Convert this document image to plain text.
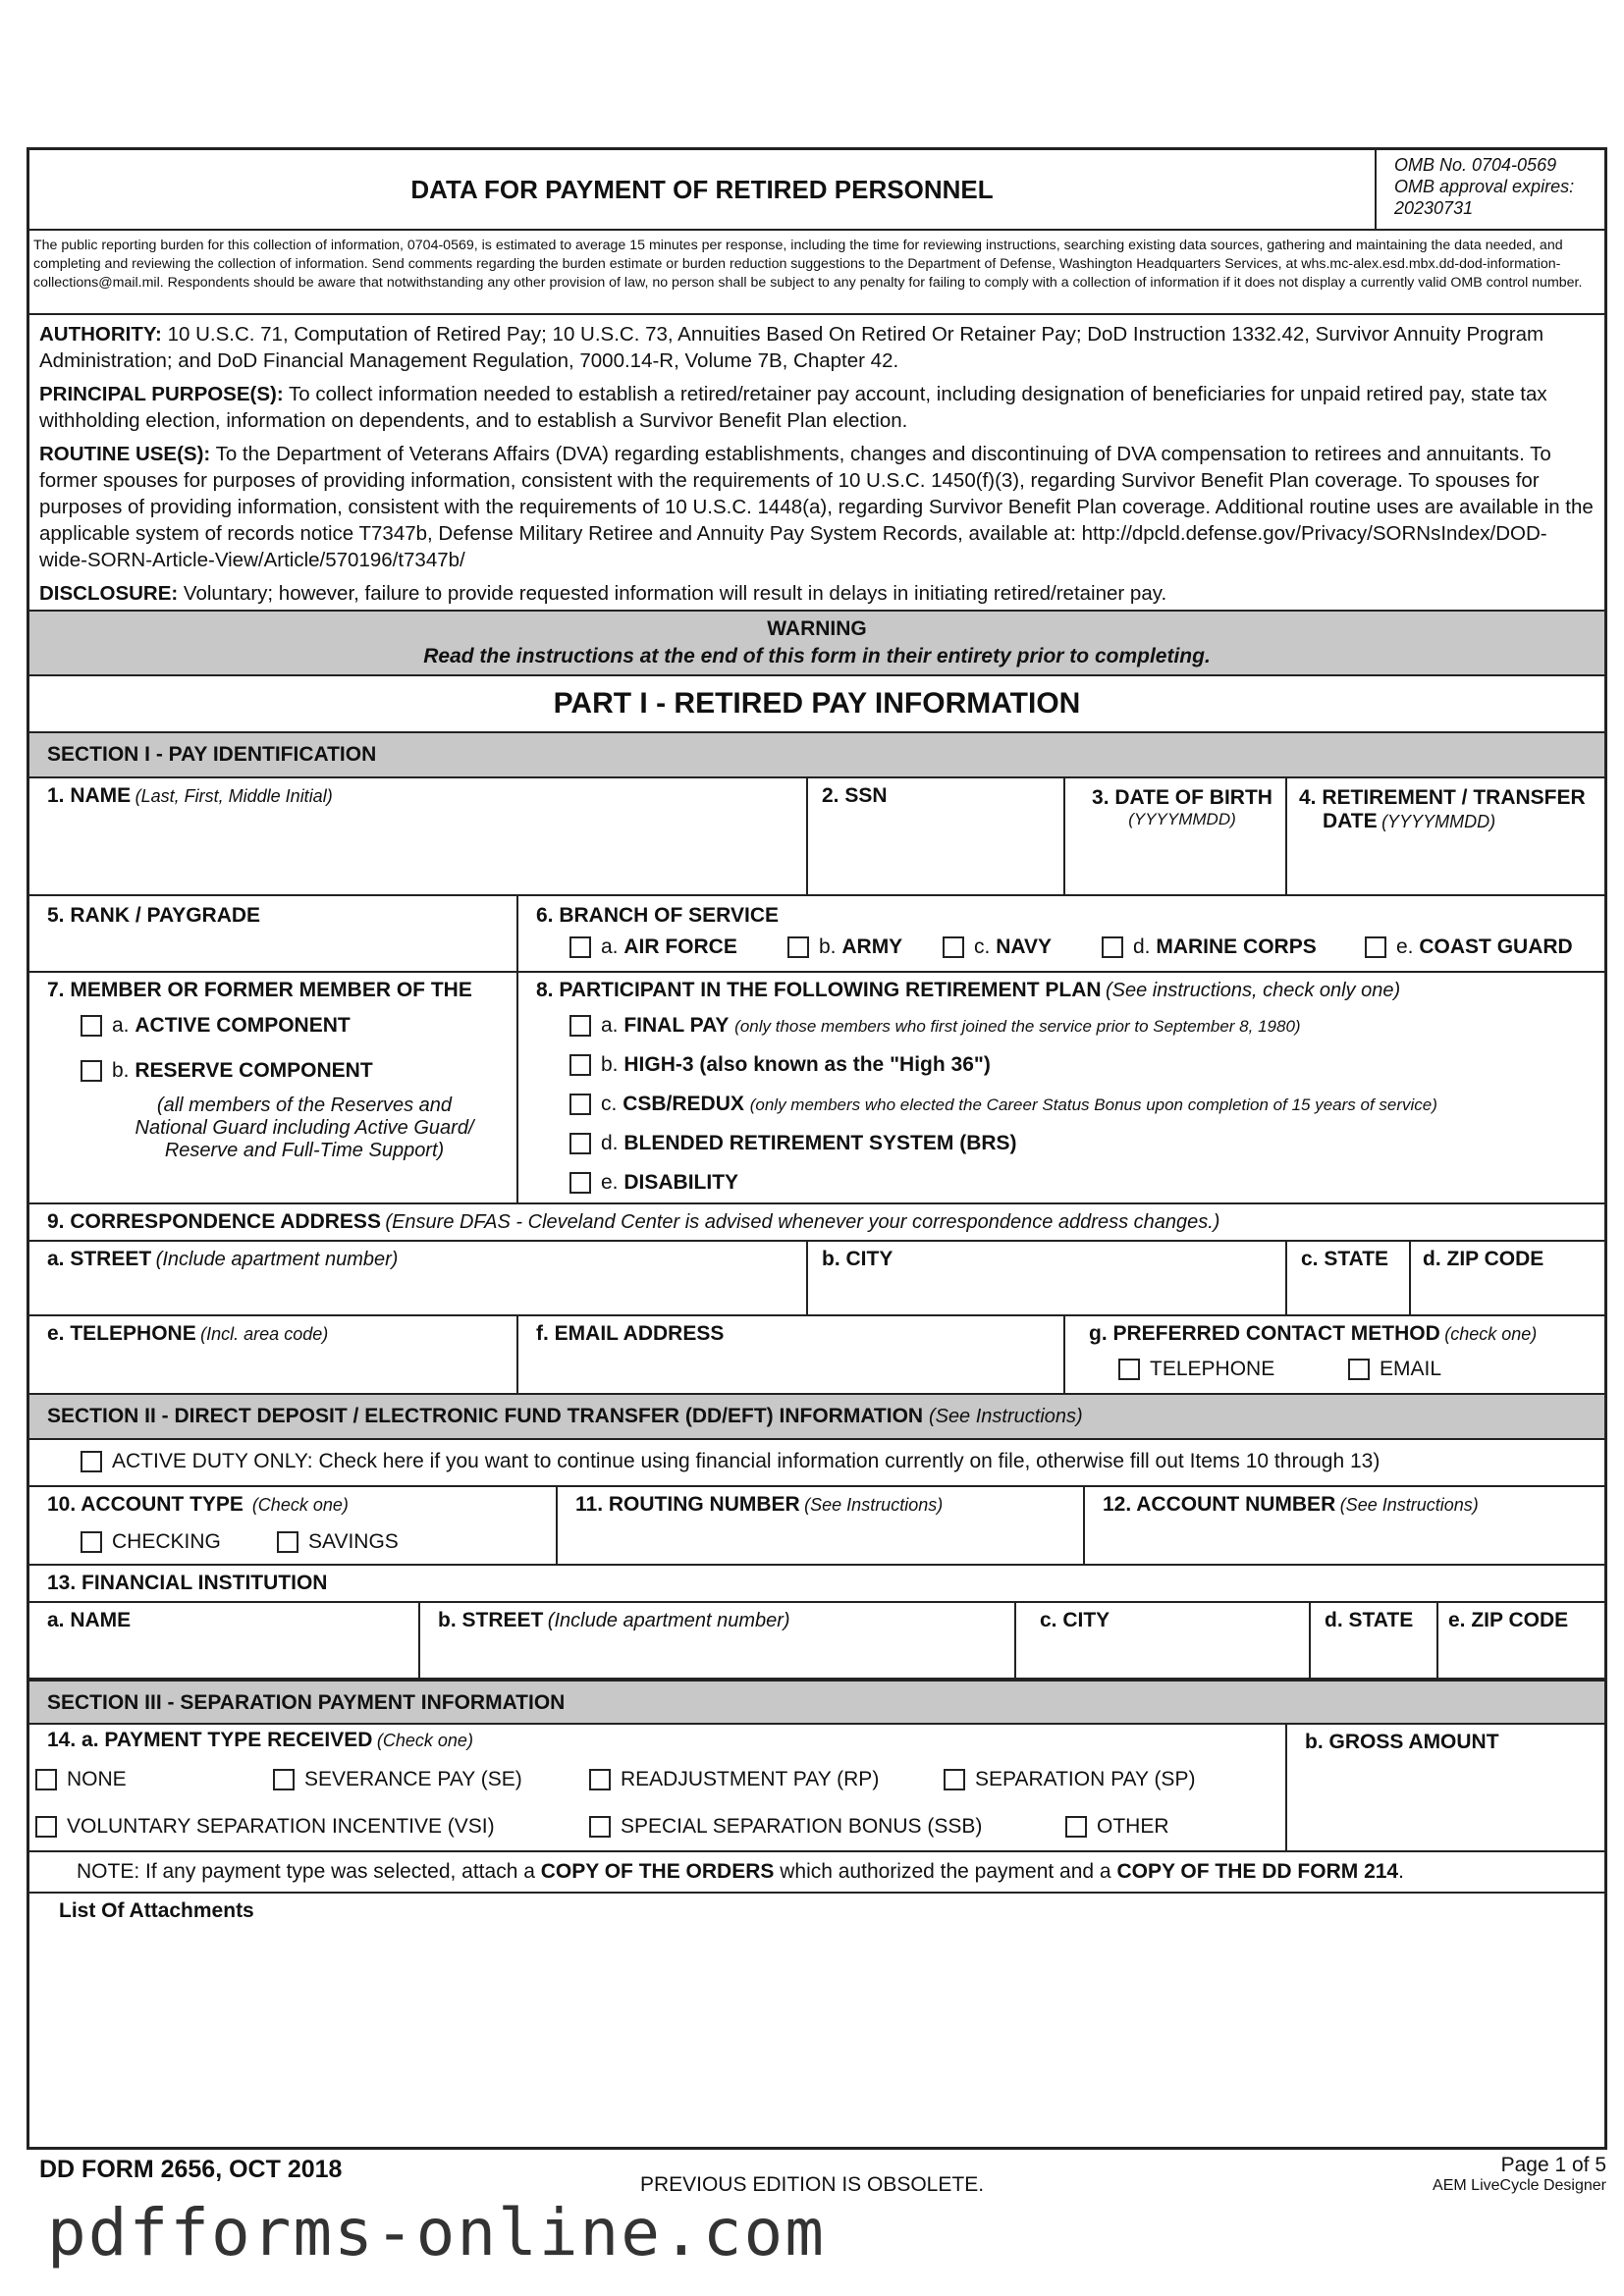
DATA FOR PAYMENT OF RETIRED PERSONNEL
OMB No. 0704-0569
OMB approval expires:
20230731
The public reporting burden for this collection of information, 0704-0569, is estimated to average 15 minutes per response, including the time for reviewing instructions, searching existing data sources, gathering and maintaining the data needed, and completing and reviewing the collection of information. Send comments regarding the burden estimate or burden reduction suggestions to the Department of Defense, Washington Headquarters Services, at whs.mc-alex.esd.mbx.dd-dod-information-collections@mail.mil. Respondents should be aware that notwithstanding any other provision of law, no person shall be subject to any penalty for failing to comply with a collection of information if it does not display a currently valid OMB control number.

AUTHORITY: 10 U.S.C. 71, Computation of Retired Pay; 10 U.S.C. 73, Annuities Based On Retired Or Retainer Pay; DoD Instruction 1332.42, Survivor Annuity Program Administration; and DoD Financial Management Regulation, 7000.14-R, Volume 7B, Chapter 42.

PRINCIPAL PURPOSE(S): To collect information needed to establish a retired/retainer pay account, including designation of beneficiaries for unpaid retired pay, state tax withholding election, information on dependents, and to establish a Survivor Benefit Plan election.

ROUTINE USE(S): To the Department of Veterans Affairs (DVA) regarding establishments, changes and discontinuing of DVA compensation to retirees and annuitants. To former spouses for purposes of providing information, consistent with the requirements of 10 U.S.C. 1450(f)(3), regarding Survivor Benefit Plan coverage. To spouses for purposes of providing information, consistent with the requirements of 10 U.S.C. 1448(a), regarding Survivor Benefit Plan coverage. Additional routine uses are available in the applicable system of records notice T7347b, Defense Military Retiree and Annuity Pay System Records, available at: http://dpcld.defense.gov/Privacy/SORNsIndex/DOD-wide-SORN-Article-View/Article/570196/t7347b/

DISCLOSURE: Voluntary; however, failure to provide requested information will result in delays in initiating retired/retainer pay.

WARNING
Read the instructions at the end of this form in their entirety prior to completing.
PART I - RETIRED PAY INFORMATION
SECTION I - PAY IDENTIFICATION
1. NAME (Last, First, Middle Initial)	2. SSN	3. DATE OF BIRTH
(YYYYMMDD)
4. RETIREMENT / TRANSFER
DATE (YYYYMMDD)
5. RANK / PAYGRADE	6. BRANCH OF SERVICE
a. AIR FORCE	b. ARMY	c. NAVY	d. MARINE CORPS	e. COAST GUARD
7. MEMBER OR FORMER MEMBER OF THE
a. ACTIVE COMPONENT
b. RESERVE COMPONENT
(all members of the Reserves and
National Guard including Active Guard/
Reserve and Full-Time Support)
8. PARTICIPANT IN THE FOLLOWING RETIREMENT PLAN (See instructions, check only one)
a. FINAL PAY (only those members who first joined the service prior to September 8, 1980)
b. HIGH-3 (also known as the "High 36")
c. CSB/REDUX (only members who elected the Career Status Bonus upon completion of 15 years of service)
d. BLENDED RETIREMENT SYSTEM (BRS)
e. DISABILITY
9. CORRESPONDENCE ADDRESS (Ensure DFAS - Cleveland Center is advised whenever your correspondence address changes.)
a. STREET (Include apartment number)	b. CITY	c. STATE	d. ZIP CODE
e. TELEPHONE (Incl. area code)	f. EMAIL ADDRESS	g. PREFERRED CONTACT METHOD (check one)
TELEPHONE	EMAIL
SECTION II - DIRECT DEPOSIT / ELECTRONIC FUND TRANSFER (DD/EFT) INFORMATION (See Instructions)
ACTIVE DUTY ONLY: Check here if you want to continue using financial information currently on file, otherwise fill out Items 10 through 13)
10. ACCOUNT TYPE (Check one)
CHECKING	SAVINGS
11. ROUTING NUMBER (See Instructions)	12. ACCOUNT NUMBER (See Instructions)
13. FINANCIAL INSTITUTION
a. NAME	b. STREET (Include apartment number)	c. CITY	d. STATE	e. ZIP CODE
SECTION III - SEPARATION PAYMENT INFORMATION
14. a. PAYMENT TYPE RECEIVED (Check one)
NONE	SEVERANCE PAY (SE)	READJUSTMENT PAY (RP)	SEPARATION PAY (SP)
VOLUNTARY SEPARATION INCENTIVE (VSI)	SPECIAL SEPARATION BONUS (SSB)	OTHER
b. GROSS AMOUNT
NOTE: If any payment type was selected, attach a COPY OF THE ORDERS which authorized the payment and a COPY OF THE DD FORM 214.
List Of Attachments
DD FORM 2656, OCT 2018
PREVIOUS EDITION IS OBSOLETE.
Page 1 of 5
AEM LiveCycle Designer
pdfforms-online.com
